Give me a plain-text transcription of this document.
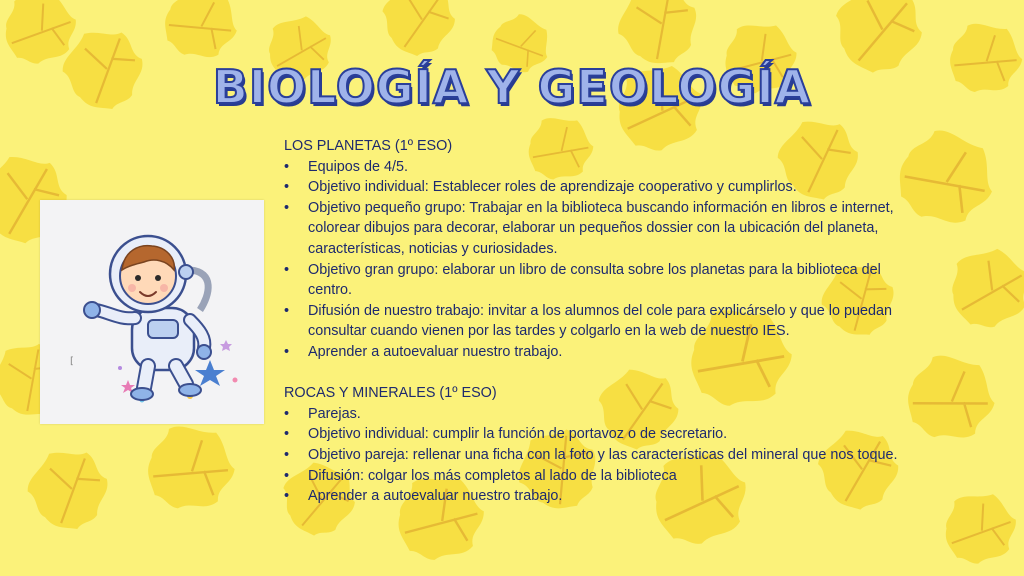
BIOLOGÍA Y GEOLOGÍA
[
LOS PLANETAS (1º ESO)
• Equipos de 4/5.
• Objetivo individual: Establecer roles de aprendizaje cooperativo y cumplirlos.
• Objetivo pequeño grupo: Trabajar en la biblioteca buscando información en libros e internet, colorear dibujos para decorar, elaborar un pequeños dossier con la ubicación del planeta, características, noticias y curiosidades.
• Objetivo gran grupo: elaborar un libro de consulta sobre los planetas para la biblioteca del centro.
• Difusión de nuestro trabajo: invitar a los alumnos del cole para explicárselo y que lo puedan consultar cuando vienen por las tardes y colgarlo en la web de nuestro IES.
• Aprender a autoevaluar nuestro trabajo.
ROCAS Y MINERALES (1º ESO)
• Parejas.
• Objetivo individual: cumplir la función de portavoz o de secretario.
• Objetivo pareja: rellenar una ficha con la foto y las características del mineral que nos toque.
• Difusión: colgar los más completos al lado de la biblioteca
• Aprender a autoevaluar nuestro trabajo.
